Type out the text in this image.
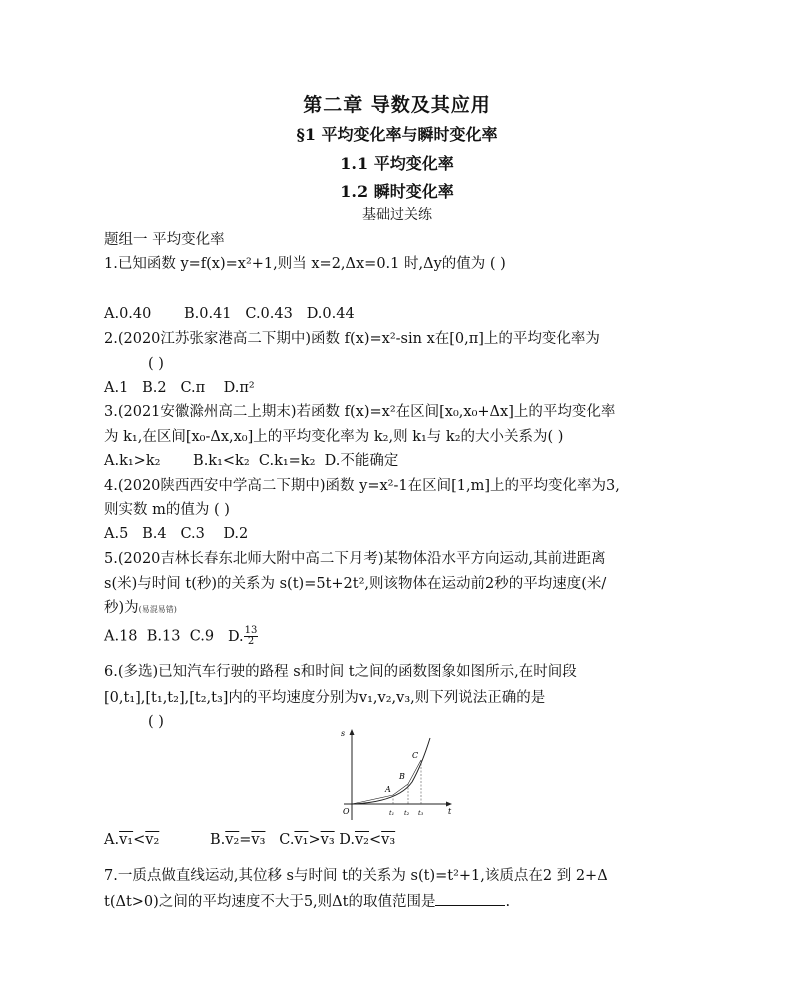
第二章 导数及其应用
§1 平均变化率与瞬时变化率
1.1 平均变化率
1.2 瞬时变化率
基础过关练
题组一 平均变化率
1.已知函数 y=f(x)=x²+1,则当 x=2,Δx=0.1 时,Δy的值为 ( )
A.0.40 B.0.41 C.0.43 D.0.44
2.(2020江苏张家港高二下期中)函数 f(x)=x²-sin x在[0,π]上的平均变化率为
( )
A.1 B.2 C.π D.π²
3.(2021安徽滁州高二上期末)若函数 f(x)=x²在区间[x₀,x₀+Δx]上的平均变化率
为 k₁,在区间[x₀-Δx,x₀]上的平均变化率为 k₂,则 k₁与 k₂的大小关系为( )
A.k₁>k₂ B.k₁<k₂ C.k₁=k₂ D.不能确定
4.(2020陕西西安中学高二下期中)函数 y=x²-1在区间[1,m]上的平均变化率为3,
则实数 m的值为 ( )
A.5 B.4 C.3 D.2
5.(2020吉林长春东北师大附中高二下月考)某物体沿水平方向运动,其前进距离
s(米)与时间 t(秒)的关系为 s(t)=5t+2t²,则该物体在运动前2秒的平均速度(米/
秒)为(易混易错)
A.18 B.13 C.9 D. $\frac{13}{2}$
6.(多选)已知汽车行驶的路程 s和时间 t之间的函数图象如图所示,在时间段
[0,t₁],[t₁,t₂],[t₂,t₃]内的平均速度分别为v₁,v₂,v₃,则下列说法正确的是
( )
s
t
O
A
B
C
t₁ t₂ t₃
A.v₁<v₂	B.v₂=v₃ C.v₁>v₃ D.v₂<v₃
7.一质点做直线运动,其位移 s与时间 t的关系为 s(t)=t²+1,该质点在2 到 2+Δ
t(Δt>0)之间的平均速度不大于5,则Δt的取值范围是	.
